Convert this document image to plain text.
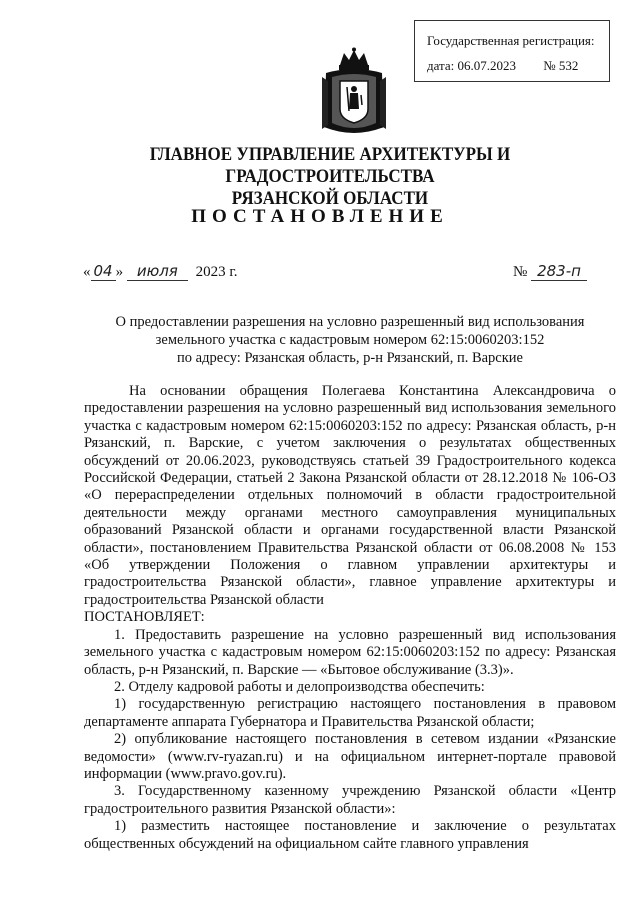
Государственная регистрация:
дата: 06.07.2023 № 532
ГЛАВНОЕ УПРАВЛЕНИЕ АРХИТЕКТУРЫ И ГРАДОСТРОИТЕЛЬСТВА
РЯЗАНСКОЙ ОБЛАСТИ
ПОСТАНОВЛЕНИЕ
« 04 » июля 2023 г.	№ 283-п
О предоставлении разрешения на условно разрешенный вид использования
земельного участка с кадастровым номером 62:15:0060203:152
по адресу: Рязанская область, р-н Рязанский, п. Варские

На основании обращения Полегаева Константина Александровича о предоставлении разрешения на условно разрешенный вид использования земельного участка с кадастровым номером 62:15:0060203:152 по адресу: Рязанская область, р-н Рязанский, п. Варские, с учетом заключения о результатах общественных обсуждений от 20.06.2023, руководствуясь статьей 39 Градостроительного кодекса Российской Федерации, статьей 2 Закона Рязанской области от 28.12.2018 № 106-ОЗ «О перераспределении отдельных полномочий в области градостроительной деятельности между органами местного самоуправления муниципальных образований Рязанской области и органами государственной власти Рязанской области», постановлением Правительства Рязанской области от 06.08.2008 № 153 «Об утверждении Положения о главном управлении архитектуры и градостроительства Рязанской области», главное управление архитектуры и градостроительства Рязанской области

ПОСТАНОВЛЯЕТ:

1. Предоставить разрешение на условно разрешенный вид использования земельного участка с кадастровым номером 62:15:0060203:152 по адресу: Рязанская область, р-н Рязанский, п. Варские — «Бытовое обслуживание (3.3)».

2. Отделу кадровой работы и делопроизводства обеспечить:

1) государственную регистрацию настоящего постановления в правовом департаменте аппарата Губернатора и Правительства Рязанской области;

2) опубликование настоящего постановления в сетевом издании «Рязанские ведомости» (www.rv-ryazan.ru) и на официальном интернет-портале правовой информации (www.pravo.gov.ru).

3. Государственному казенному учреждению Рязанской области «Центр градостроительного развития Рязанской области»:

1) разместить настоящее постановление и заключение о результатах общественных обсуждений на официальном сайте главного управления
